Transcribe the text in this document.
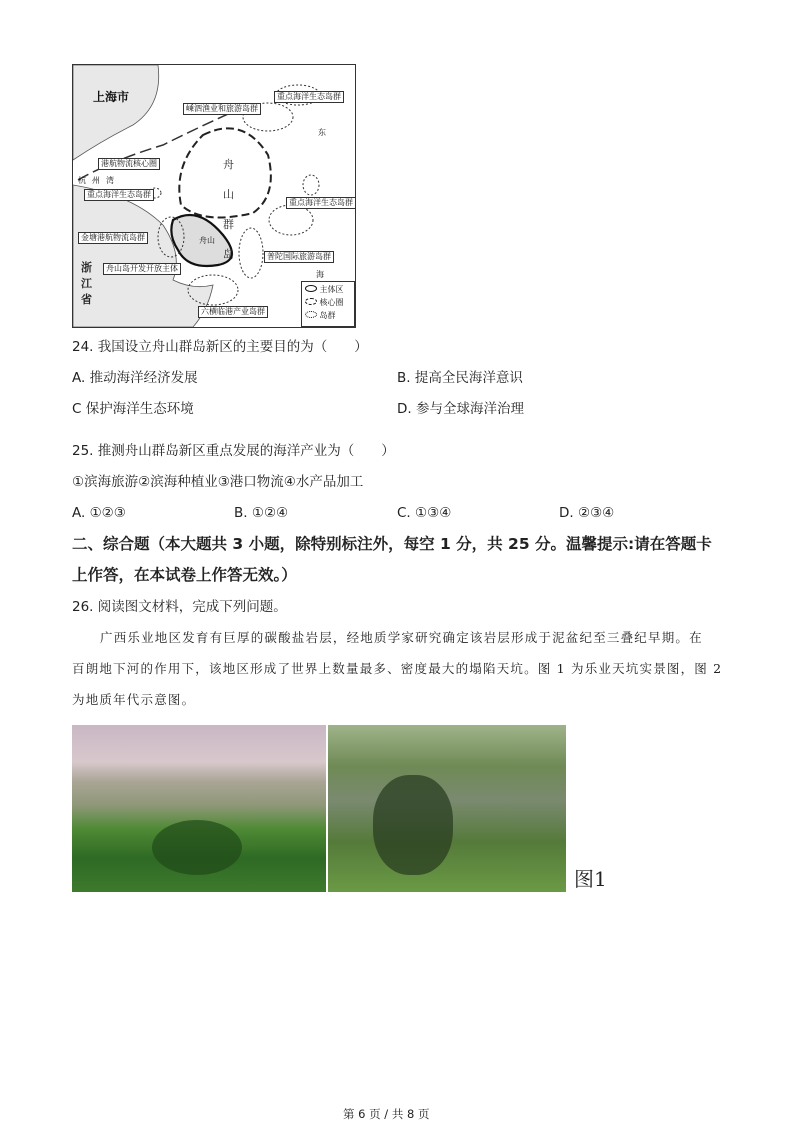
上海市
嵊泗渔业和旅游岛群
重点海洋生态岛群
东
港航物流核心圈
杭州湾
重点海洋生态岛群
重点海洋生态岛群
金塘港航物流岛群	舟山
普陀国际旅游岛群
浙江省
舟山岛开发开放主体
海
六横临港产业岛群
舟山群岛
主体区
核心圈
岛群
24. 我国设立舟山群岛新区的主要目的为（　　）
A. 推动海洋经济发展	B. 提高全民海洋意识
C 保护海洋生态环境	D. 参与全球海洋治理
25. 推测舟山群岛新区重点发展的海洋产业为（　　）
①滨海旅游②滨海种植业③港口物流④水产品加工
A. ①②③	B. ①②④	C. ①③④	D. ②③④
二、综合题（本大题共 3 小题，除特别标注外，每空 1 分，共 25 分。温馨提示:请在答题卡
上作答，在本试卷上作答无效。）
26. 阅读图文材料，完成下列问题。
广西乐业地区发育有巨厚的碳酸盐岩层，经地质学家研究确定该岩层形成于泥盆纪至三叠纪早期。在
百朗地下河的作用下，该地区形成了世界上数量最多、密度最大的塌陷天坑。图 1 为乐业天坑实景图，图 2
为地质年代示意图。
图1
第 6 页 / 共 8 页
